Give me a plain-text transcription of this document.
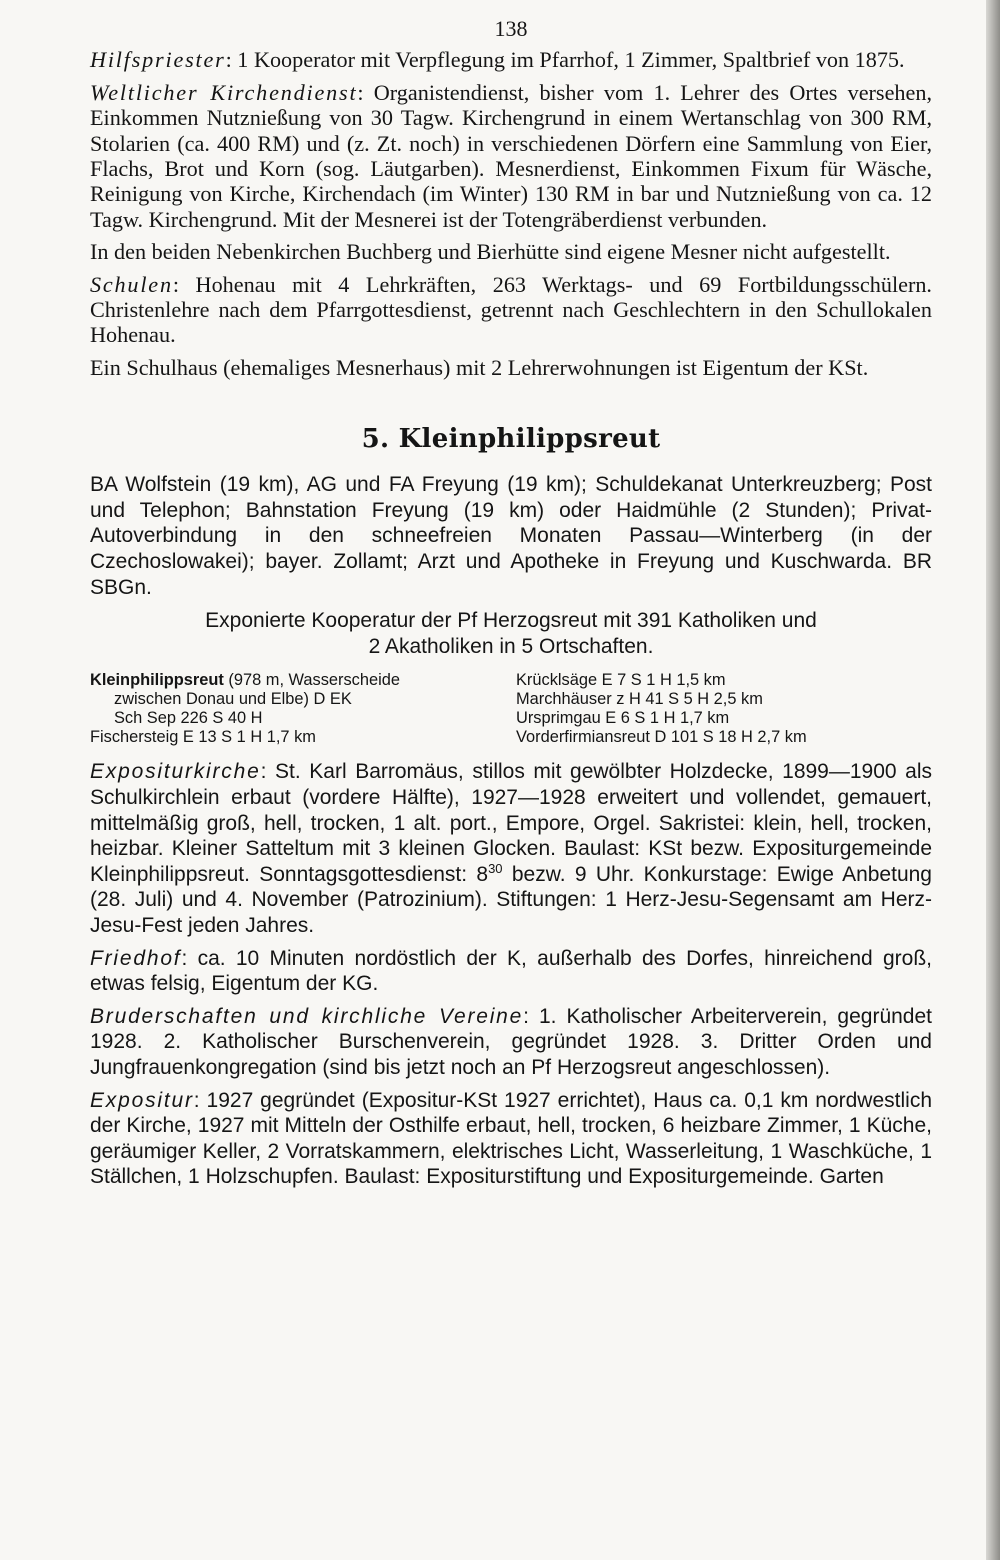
138

Hilfspriester: 1 Kooperator mit Verpflegung im Pfarrhof, 1 Zimmer, Spaltbrief von 1875.

Weltlicher Kirchendienst: Organistendienst, bisher vom 1. Lehrer des Ortes versehen, Einkommen Nutznießung von 30 Tagw. Kirchengrund in einem Wertanschlag von 300 RM, Stolarien (ca. 400 RM) und (z. Zt. noch) in verschiedenen Dörfern eine Sammlung von Eier, Flachs, Brot und Korn (sog. Läutgarben). Mesnerdienst, Einkommen Fixum für Wäsche, Reinigung von Kirche, Kirchendach (im Winter) 130 RM in bar und Nutznießung von ca. 12 Tagw. Kirchengrund. Mit der Mesnerei ist der Totengräberdienst verbunden.

In den beiden Nebenkirchen Buchberg und Bierhütte sind eigene Mesner nicht aufgestellt.

Schulen: Hohenau mit 4 Lehrkräften, 263 Werktags- und 69 Fortbildungsschülern. Christenlehre nach dem Pfarrgottesdienst, getrennt nach Geschlechtern in den Schullokalen Hohenau.

Ein Schulhaus (ehemaliges Mesnerhaus) mit 2 Lehrerwohnungen ist Eigentum der KSt.

5. Kleinphilippsreut

BA Wolfstein (19 km), AG und FA Freyung (19 km); Schuldekanat Unterkreuzberg; Post und Telephon; Bahnstation Freyung (19 km) oder Haidmühle (2 Stunden); Privat-Autoverbindung in den schneefreien Monaten Passau—Winterberg (in der Czechoslowakei); bayer. Zollamt; Arzt und Apotheke in Freyung und Kuschwarda. BR SBGn.

Exponierte Kooperatur der Pf Herzogsreut mit 391 Katholiken und
2 Akatholiken in 5 Ortschaften.
Kleinphilippsreut (978 m, Wasserscheide
zwischen Donau und Elbe) D EK
Sch Sep 226 S 40 H
Fischersteig E 13 S 1 H 1,7 km
Krücklsäge E 7 S 1 H 1,5 km
Marchhäuser z H 41 S 5 H 2,5 km
Ursprimgau E 6 S 1 H 1,7 km
Vorderfirmiansreut D 101 S 18 H 2,7 km

Expositurkirche: St. Karl Barromäus, stillos mit gewölbter Holzdecke, 1899—1900 als Schulkirchlein erbaut (vordere Hälfte), 1927—1928 erweitert und vollendet, gemauert, mittelmäßig groß, hell, trocken, 1 alt. port., Empore, Orgel. Sakristei: klein, hell, trocken, heizbar. Kleiner Satteltum mit 3 kleinen Glocken. Baulast: KSt bezw. Expositurgemeinde Kleinphilippsreut. Sonntagsgottesdienst: $8^{30}$ bezw. 9 Uhr. Konkurstage: Ewige Anbetung (28. Juli) und 4. November (Patrozinium). Stiftungen: 1 Herz-Jesu-Segensamt am Herz-Jesu-Fest jeden Jahres.

Friedhof: ca. 10 Minuten nordöstlich der K, außerhalb des Dorfes, hinreichend groß, etwas felsig, Eigentum der KG.

Bruderschaften und kirchliche Vereine: 1. Katholischer Arbeiterverein, gegründet 1928. 2. Katholischer Burschenverein, gegründet 1928. 3. Dritter Orden und Jungfrauenkongregation (sind bis jetzt noch an Pf Herzogsreut angeschlossen).

Expositur: 1927 gegründet (Expositur-KSt 1927 errichtet), Haus ca. 0,1 km nordwestlich der Kirche, 1927 mit Mitteln der Osthilfe erbaut, hell, trocken, 6 heizbare Zimmer, 1 Küche, geräumiger Keller, 2 Vorratskammern, elektrisches Licht, Wasserleitung, 1 Waschküche, 1 Ställchen, 1 Holzschupfen. Baulast: Expositurstiftung und Expositurgemeinde. Garten
